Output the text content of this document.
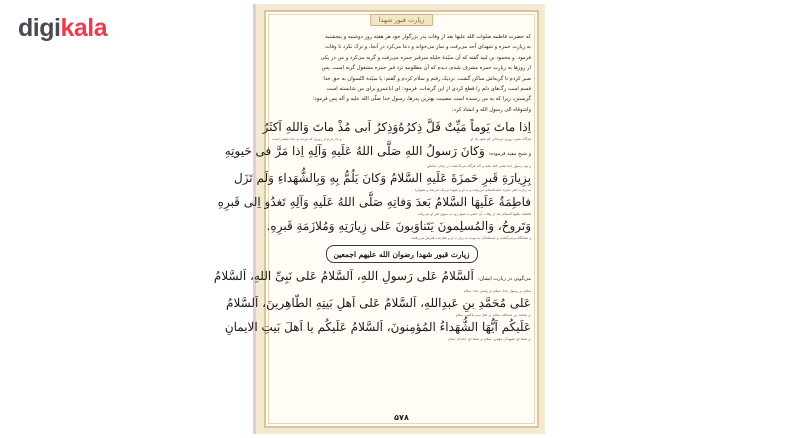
digikala	زیارت قبور شهدا
که حضرت فاطمه صلوات الله علیها بعد از وفات پدر بزرگوار خود هر هفته روز دوشنبه و پنجشنبه
به زیارت حمزه و شهدای اُحد می‌رفت و نماز می‌خواند و دعا می‌کرد در آنجا، و ترک نکرد تا وفات
فرمود. و محمود بن لبید گفته که آن سیّدهٔ جلیله سرقبر حمزه می‌رفت و گریه می‌کرد و من در یکی
از روزها به زیارت حمزه مشرف شدم، دیدم که آن مظلومه نزد قبر حمزه مشغول گریه است. پس
صبر کردم تا گریه‌اش ساکن گشت. نزدیک رفتم و سلام کردم و گفتم: یا سیّدة النّسوان به حق خدا
قسم است رگ‌های دلم را قطع کردی از این گریه‌ات. فرمود: ای اباعمرو برای من شایسته است
گریستن، زیرا که به من رسیده است مصیبت بهترین پدرها، رسول خدا صلّی الله علیه و آله پس فرمود:
واشوقاه الی رسول الله و انشاد کرد:
اِذا ماتَ یَوماً مَیِّتٌ قَلَّ ذِکرُهُ
وَذِکرُ اَبی مُذْ ماتَ وَاللهِ اَکثَرُ
هرگاه بمیرد روزی مرده‌ای کم شود یاد او
و یاد پدرم از روزی که مرده به خدا بیشتر است
و شیخ مفید فرموده: وَکانَ رَسولُ اللهِ صَلَّی اللهُ عَلَیهِ وَآلِهِ اِذا مَرَّ فی حَیوتِهِ
و بود رسول خدا صلی الله علیه و آله هرگاه می‌گذشت در زمان حیاتش
بِزِیارَةِ قَبرِ حَمزَةَ عَلَیهِ السَّلامُ وَکانَ یَلُمُّ بِهِ وَبِالشُّهَداءِ وَلَم تَزَل
به زیارت قبر حمزه علیه‌السلام می‌رفت و به او و شهدا نزدیک می‌شد و همواره
فاطِمَةُ عَلَیهَا السَّلامُ بَعدَ وَفاتِهِ صَلَّی اللهُ عَلَیهِ وَآلِهِ تَغدُو اِلی قَبرِهِ
فاطمه علیها السلام بعد از وفات آن حضرت صبح زود به سوی قبر او می‌رفت
وَتَروحُ، وَالمُسلِمونَ یَتَناوَبونَ عَلی زِیارَتِهِ وَمُلازَمَةِ قَبرِهِ.
و شامگاه برمی‌گشت و مسلمانان به نوبت به زیارت او و ملازمت قبرش می‌رفتند
زیارت قبور شهدا رضوان الله علیهم اجمعین
می‌گویی در زیارت ایشان: اَلسَّلامُ عَلی رَسولِ اللهِ، اَلسَّلامُ عَلی نَبِیِّ اللهِ، اَلسَّلامُ
سلام بر رسول خدا، سلام بر پیامبر خدا، سلام
عَلی مُحَمَّدِ بنِ عَبدِاللهِ، اَلسَّلامُ عَلی اَهلِ بَیتِهِ الطّاهِرینَ، اَلسَّلامُ
بر محمد بن عبدالله، سلام بر اهل بیت پاکش، سلام
عَلَیکُم اَیُّهَا الشُّهَداءُ المُؤمِنونَ، اَلسَّلامُ عَلَیکُم یا اَهلَ بَیتِ الایمانِ
بر شما ای شهیدان مؤمن، سلام بر شما ای خاندان ایمان
۵۷۸
